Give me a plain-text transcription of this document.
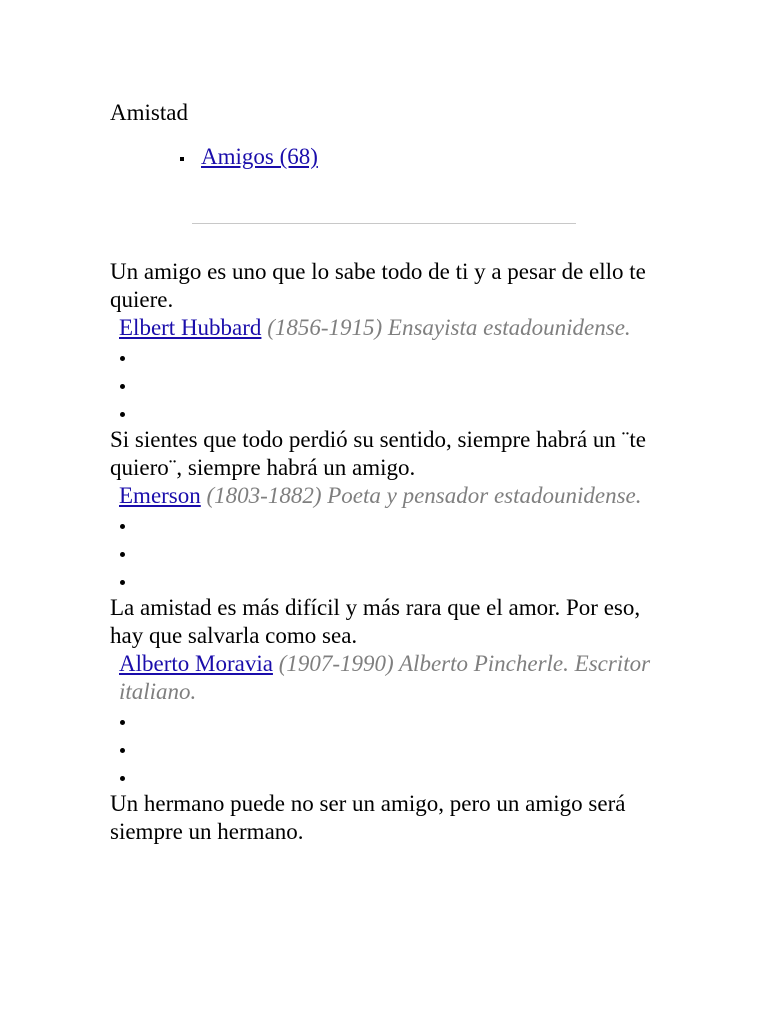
Amistad
Amigos (68)
Un amigo es uno que lo sabe todo de ti y a pesar de ello te quiere.
Elbert Hubbard (1856-1915) Ensayista estadounidense.
Si sientes que todo perdió su sentido, siempre habrá un ¨te quiero¨, siempre habrá un amigo.
Emerson (1803-1882) Poeta y pensador estadounidense.
La amistad es más difícil y más rara que el amor. Por eso, hay que salvarla como sea.
Alberto Moravia (1907-1990) Alberto Pincherle. Escritor italiano.
Un hermano puede no ser un amigo, pero un amigo será siempre un hermano.
